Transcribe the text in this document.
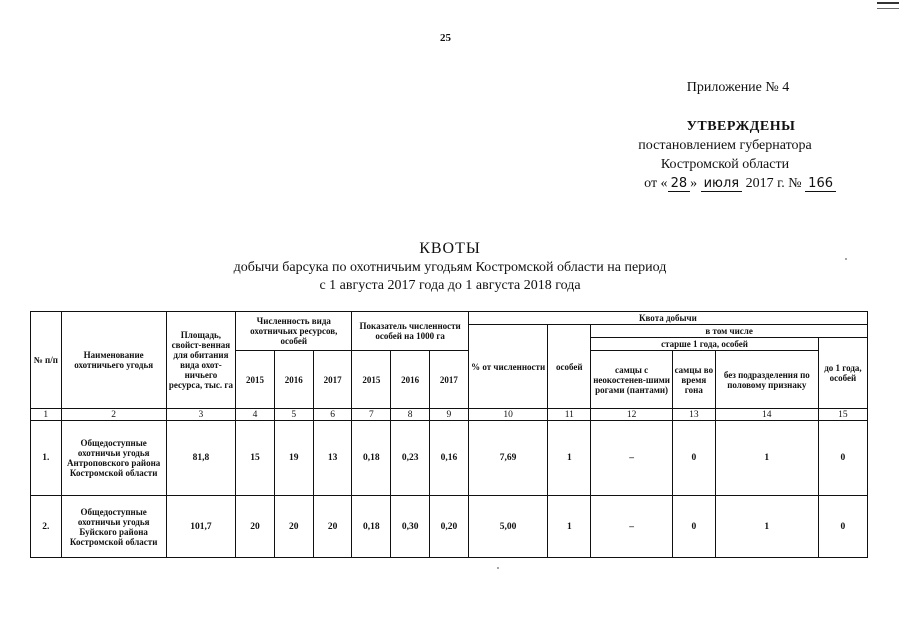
25
Приложение № 4
УТВЕРЖДЕНЫ
постановлением губернатора
Костромской области
от « 28 » июля 2017 г. № 166
КВОТЫ
добычи барсука по охотничьим угодьям Костромской области на период
с 1 августа 2017 года до 1 августа 2018 года
№ п/п	Наименование охотничьего угодья	Площадь, свойст-венная для обитания вида охот-ничьего ресурса, тыс. га	Численность вида охотничьих ресурсов, особей			Показатель численности особей на 1000 га			Квота добычи					
									% от численности	особей	в том числе			
											старше 1 года, особей			до 1 года, особей
			2015	2016	2017	2015	2016	2017			самцы с неокостенев-шими рогами (пантами)	самцы во время гона	без подразделения по половому признаку	
1	2	3	4	5	6	7	8	9	10	11	12	13	14	15
1.	Общедоступные охотничьи угодья Антроповского района Костромской области	81,8	15	19	13	0,18	0,23	0,16	7,69	1	–	0	1	0
2.	Общедоступные охотничьи угодья Буйского района Костромской области	101,7	20	20	20	0,18	0,30	0,20	5,00	1	–	0	1	0
